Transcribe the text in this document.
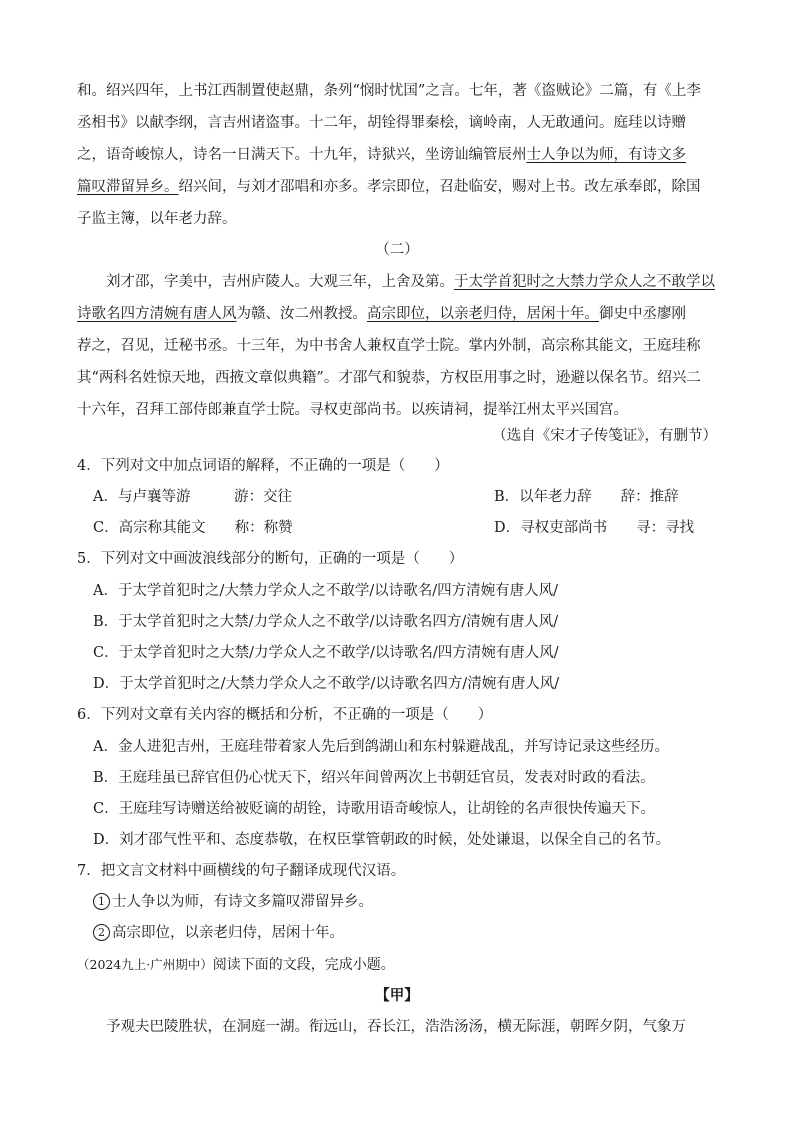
和。绍兴四年，上书江西制置使赵鼎，条列“悯时忧国”之言。七年，著《盗贼论》二篇，有《上李

丞相书》以献李纲，言吉州诸盗事。十二年，胡铨得罪秦桧，谪岭南，人无敢通问。庭珪以诗赠

之，语奇峻惊人，诗名一日满天下。十九年，诗狱兴，坐谤讪编管辰州士人争以为师，有诗文多

篇叹滞留异乡。绍兴间，与刘才邵唱和亦多。孝宗即位，召赴临安，赐对上书。改左承奉郎，除国

子监主簿，以年老力辞。

（二）

刘才邵，字美中，吉州庐陵人。大观三年，上舍及第。于太学首犯时之大禁力学众人之不敢学以诗歌名四方清婉有唐人风为赣、汝二州教授。高宗即位，以亲老归侍，居闲十年。御史中丞廖刚

荐之，召见，迁秘书丞。十三年，为中书舍人兼权直学士院。掌内外制，高宗称其能文，王庭珪称

其“两科名姓惊天地，西掖文章似典籍”。才邵气和貌恭，方权臣用事之时，逊避以保名节。绍兴二

十六年，召拜工部侍郎兼直学士院。寻权吏部尚书。以疾请祠，提举江州太平兴国宫。

（选自《宋才子传笺证》，有删节）
4．下列对文中加点词语的解释，不正确的一项是（　　）
A．与卢襄等游　　　游：交往	B．以年老力辞　　辞：推辞
C．高宗称其能文　　称：称赞	D．寻权吏部尚书　　寻：寻找
5．下列对文中画波浪线部分的断句，正确的一项是（　　）
A．于太学首犯时之/大禁力学众人之不敢学/以诗歌名/四方清婉有唐人风/
B．于太学首犯时之大禁/力学众人之不敢学/以诗歌名四方/清婉有唐人风/
C．于太学首犯时之大禁/力学众人之不敢学/以诗歌名/四方清婉有唐人风/
D．于太学首犯时之/大禁力学众人之不敢学/以诗歌名四方/清婉有唐人风/
6．下列对文章有关内容的概括和分析，不正确的一项是（　　）
A．金人进犯吉州，王庭珪带着家人先后到鸽湖山和东村躲避战乱，并写诗记录这些经历。
B．王庭珪虽已辞官但仍心忧天下，绍兴年间曾两次上书朝廷官员，发表对时政的看法。
C．王庭珪写诗赠送给被贬谪的胡铨，诗歌用语奇峻惊人，让胡铨的名声很快传遍天下。
D．刘才邵气性平和、态度恭敬，在权臣掌管朝政的时候，处处谦退，以保全自己的名节。
7．把文言文材料中画横线的句子翻译成现代汉语。
1 士人争以为师，有诗文多篇叹滞留异乡。
2 高宗即位，以亲老归侍，居闲十年。
（2024九上·广州期中）阅读下面的文段，完成小题。
【甲】
予观夫巴陵胜状，在洞庭一湖。衔远山，吞长江，浩浩汤汤，横无际涯，朝晖夕阴，气象万
